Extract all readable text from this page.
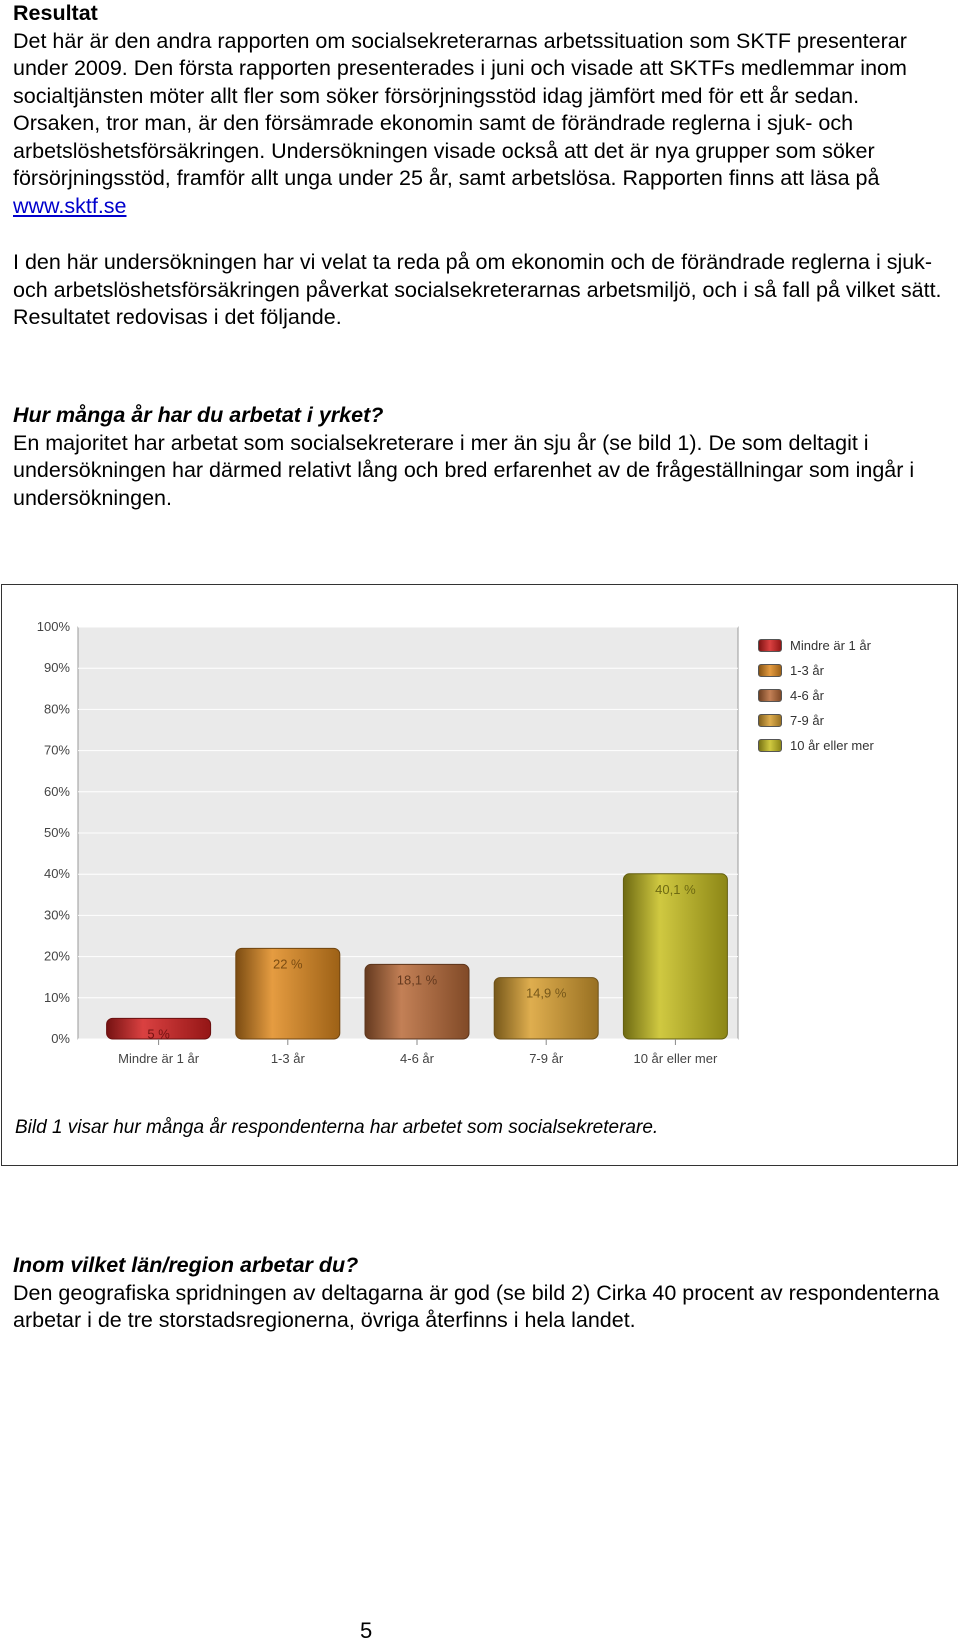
Resultat
Det här är den andra rapporten om socialsekreterarnas arbetssituation som SKTF presenterar under 2009. Den första rapporten presenterades i juni och visade att SKTFs medlemmar inom socialtjänsten möter allt fler som söker försörjningsstöd idag jämfört med för ett år sedan. Orsaken, tror man, är den försämrade ekonomin samt de förändrade reglerna i sjuk- och arbetslöshetsförsäkringen. Undersökningen visade också att det är nya grupper som söker försörjningsstöd, framför allt unga under 25 år, samt arbetslösa. Rapporten finns att läsa på www.sktf.se
I den här undersökningen har vi velat ta reda på om ekonomin och de förändrade reglerna i sjuk- och arbetslöshetsförsäkringen påverkat socialsekreterarnas arbetsmiljö, och i så fall på vilket sätt. Resultatet redovisas i det följande.
Hur många år har du arbetat i yrket?
En majoritet har arbetat som socialsekreterare i mer än sju år (se bild 1). De som deltagit i undersökningen har därmed relativt lång och bred erfarenhet av de frågeställningar som ingår i undersökningen.
0%
10%
20%
30%
40%
50%
60%
70%
80%
90%
100%
5 %
22 %
18,1 %
14,9 %
40,1 %
Mindre är 1 år	1-3 år	4-6 år	7-9 år	10 år eller mer
Mindre är 1 år
1-3 år
4-6 år
7-9 år
10 år eller mer
Bild 1 visar hur många år respondenterna har arbetet som socialsekreterare.
Inom vilket län/region arbetar du?
Den geografiska spridningen av deltagarna är god (se bild 2) Cirka 40 procent av respondenterna arbetar i de tre storstadsregionerna, övriga återfinns i hela landet.
5
